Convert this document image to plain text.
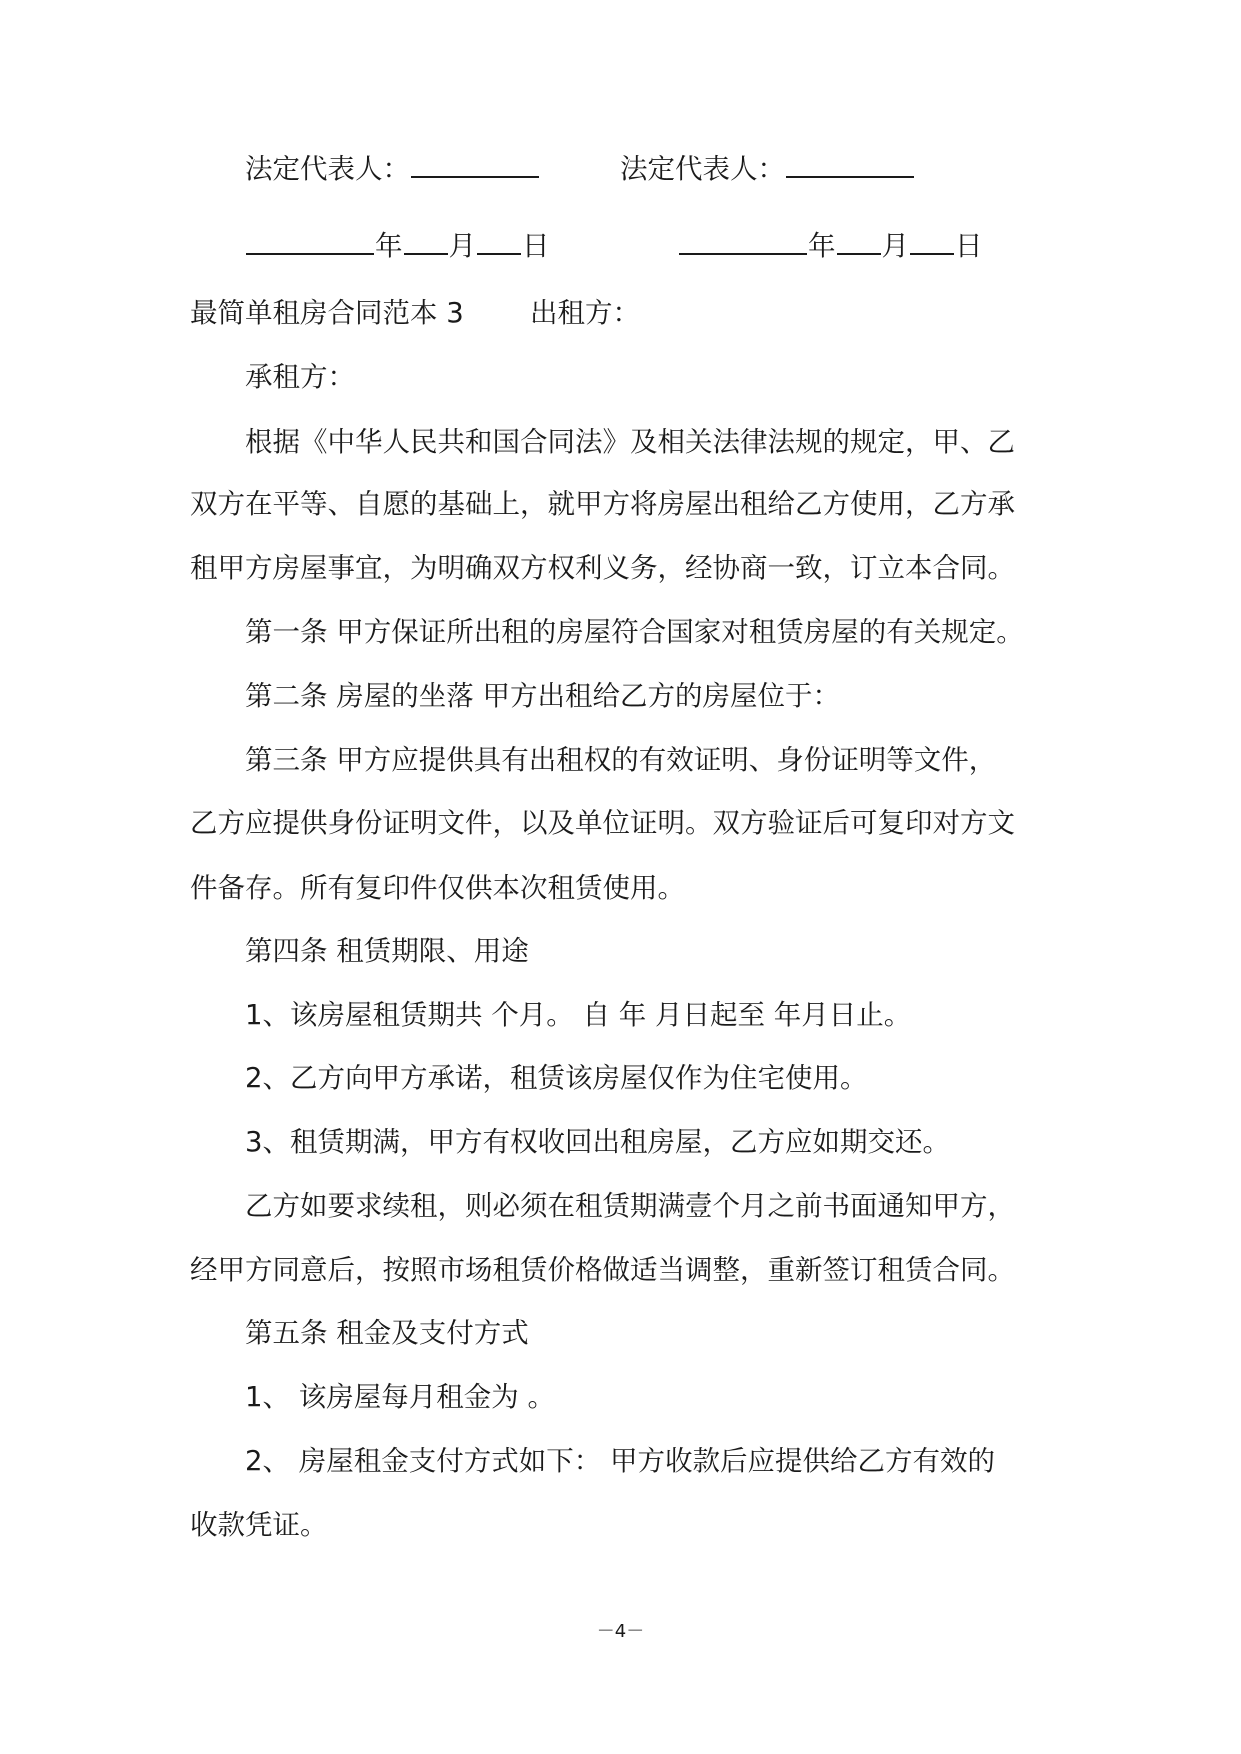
法定代表人：	法定代表人：
年 月 日	年 月 日
最简单租房合同范本 3	出租方：
承租方：
根据《中华人民共和国合同法》及相关法律法规的规定，甲、乙
双方在平等、自愿的基础上，就甲方将房屋出租给乙方使用，乙方承
租甲方房屋事宜，为明确双方权利义务，经协商一致，订立本合同。
第一条 甲方保证所出租的房屋符合国家对租赁房屋的有关规定。
第二条 房屋的坐落 甲方出租给乙方的房屋位于：
第三条 甲方应提供具有出租权的有效证明、身份证明等文件，
乙方应提供身份证明文件，以及单位证明。双方验证后可复印对方文
件备存。所有复印件仅供本次租赁使用。
第四条 租赁期限、用途
1、该房屋租赁期共 个月。 自 年 月日起至 年月日止。
2、乙方向甲方承诺，租赁该房屋仅作为住宅使用。
3、租赁期满，甲方有权收回出租房屋，乙方应如期交还。
乙方如要求续租，则必须在租赁期满壹个月之前书面通知甲方，
经甲方同意后，按照市场租赁价格做适当调整，重新签订租赁合同。
第五条 租金及支付方式
1、 该房屋每月租金为 。
2、 房屋租金支付方式如下： 甲方收款后应提供给乙方有效的
收款凭证。
－4－
